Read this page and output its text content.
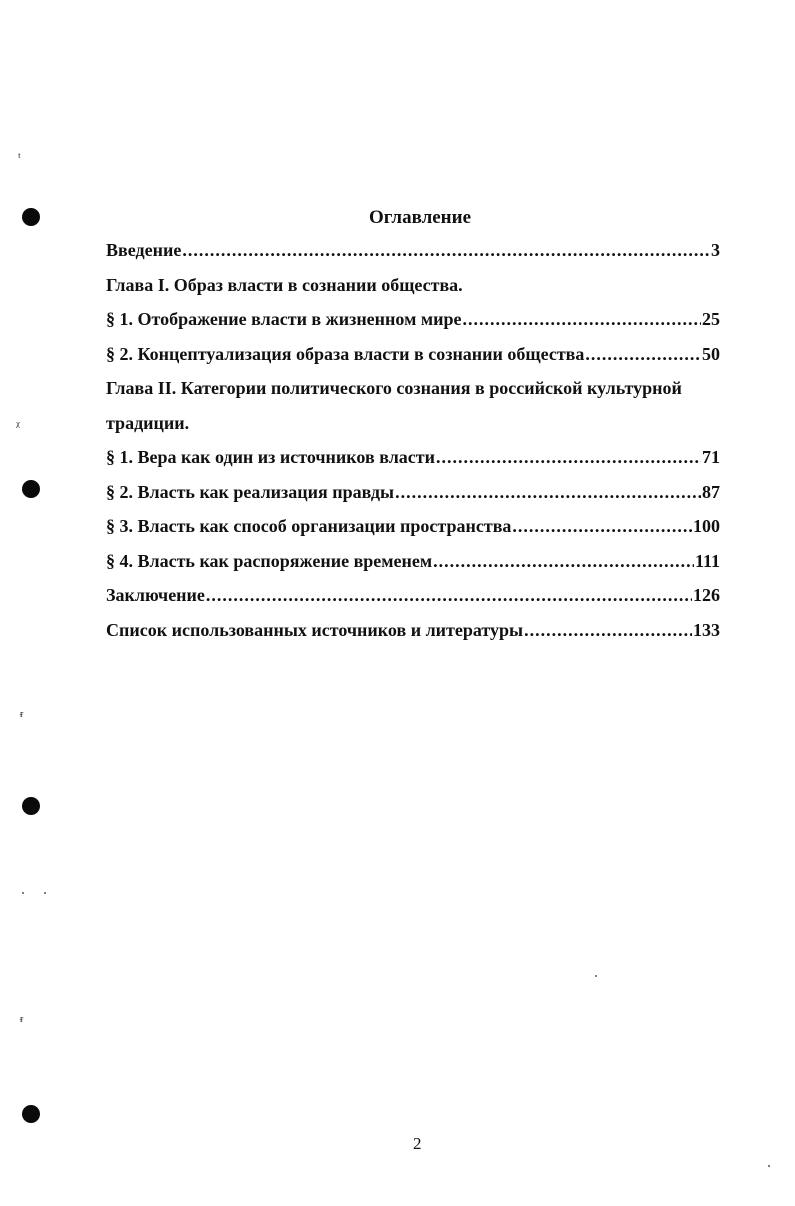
ᵗ
ᵡ
ᵲ
ᵲ
Оглавление
Введение .....	3
Глава I. Образ власти в сознании общества.
§ 1. Отображение власти в жизненном мире .....	25
§ 2. Концептуализация образа власти в сознании общества .....	50
Глава II. Категории политического сознания в российской культурной
традиции.
§ 1. Вера как один из источников власти .....	71
§ 2. Власть как реализация правды .....	87
§ 3. Власть как способ организации пространства .....	100
§ 4. Власть как распоряжение временем .....	111
Заключение .....	126
Список использованных источников и литературы .....	133
2
